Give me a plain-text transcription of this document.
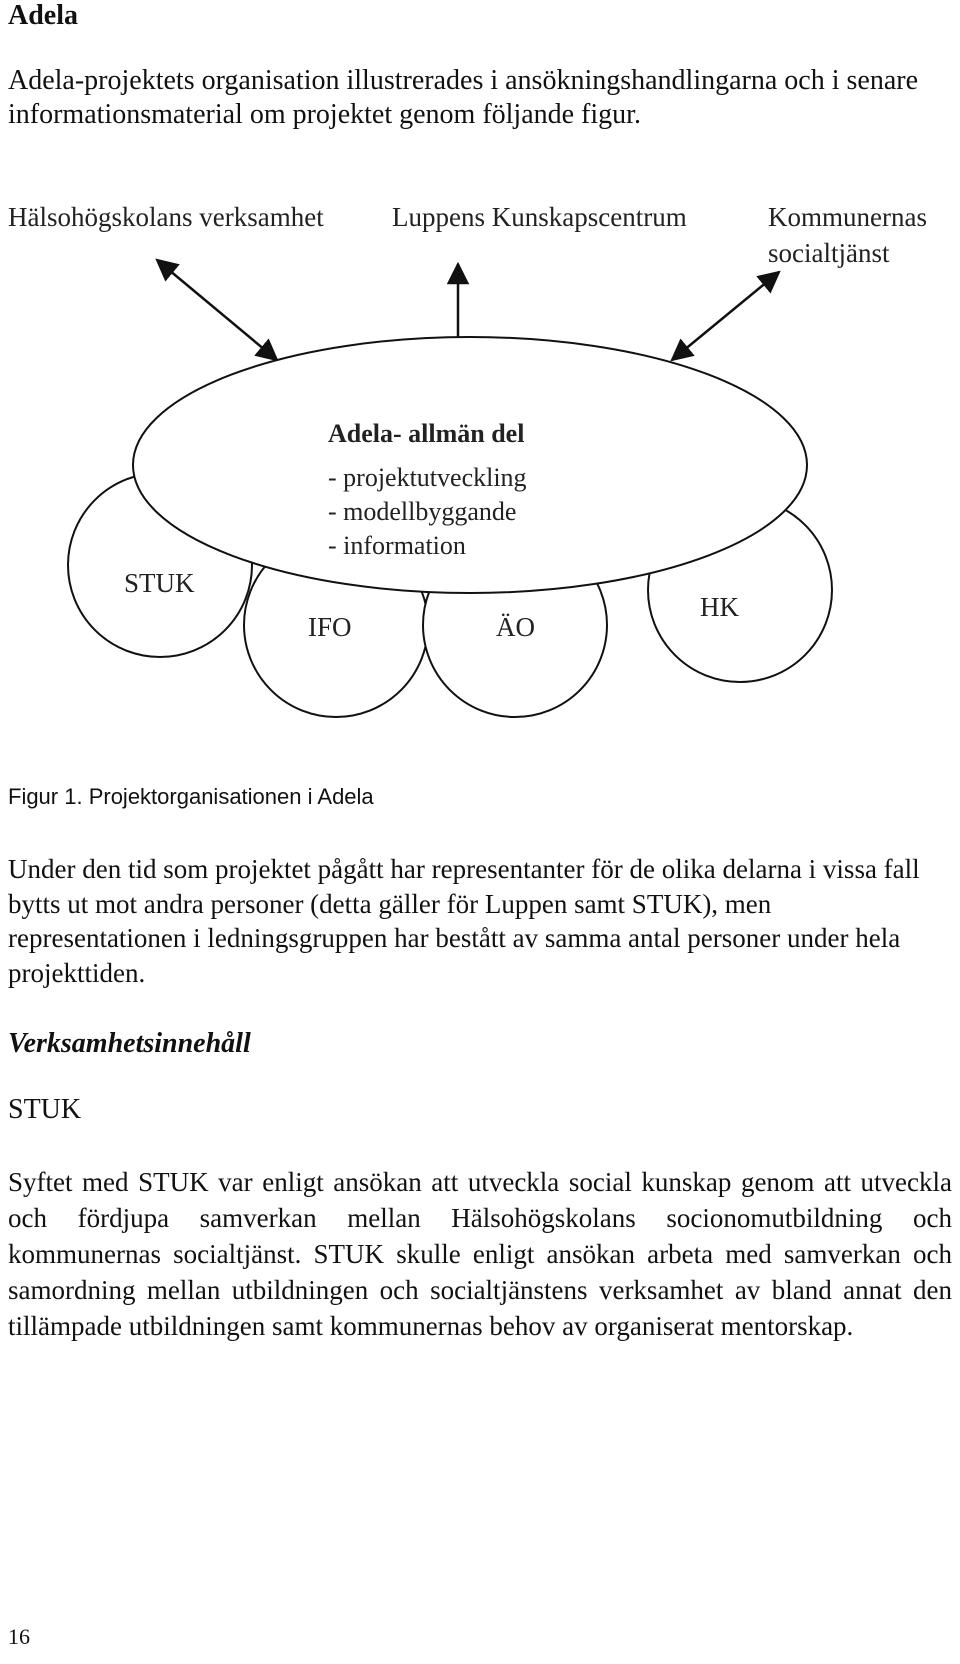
Adela
Adela-projektets organisation illustrerades i ansökningshandlingarna och i senare informationsmaterial om projektet genom följande figur.
Hälsohögskolans verksamhet	Luppens Kunskapscentrum	Kommunernas
socialtjänst
Adela- allmän del
- projektutveckling
- modellbyggande
- information
STUK
IFO	ÄO
HK
Figur 1. Projektorganisationen i Adela
Under den tid som projektet pågått har representanter för de olika delarna i vissa fall bytts ut mot andra personer (detta gäller för Luppen samt STUK), men representationen i ledningsgruppen har bestått av samma antal personer under hela projekttiden.
Verksamhetsinnehåll
STUK
Syftet med STUK var enligt ansökan att utveckla social kunskap genom att utveckla och fördjupa samverkan mellan Hälsohögskolans socionomutbildning och kommunernas socialtjänst. STUK skulle enligt ansökan arbeta med samverkan och samordning mellan utbildningen och socialtjänstens verksamhet av bland annat den tillämpade utbildningen samt kommunernas behov av organiserat mentorskap.
16
